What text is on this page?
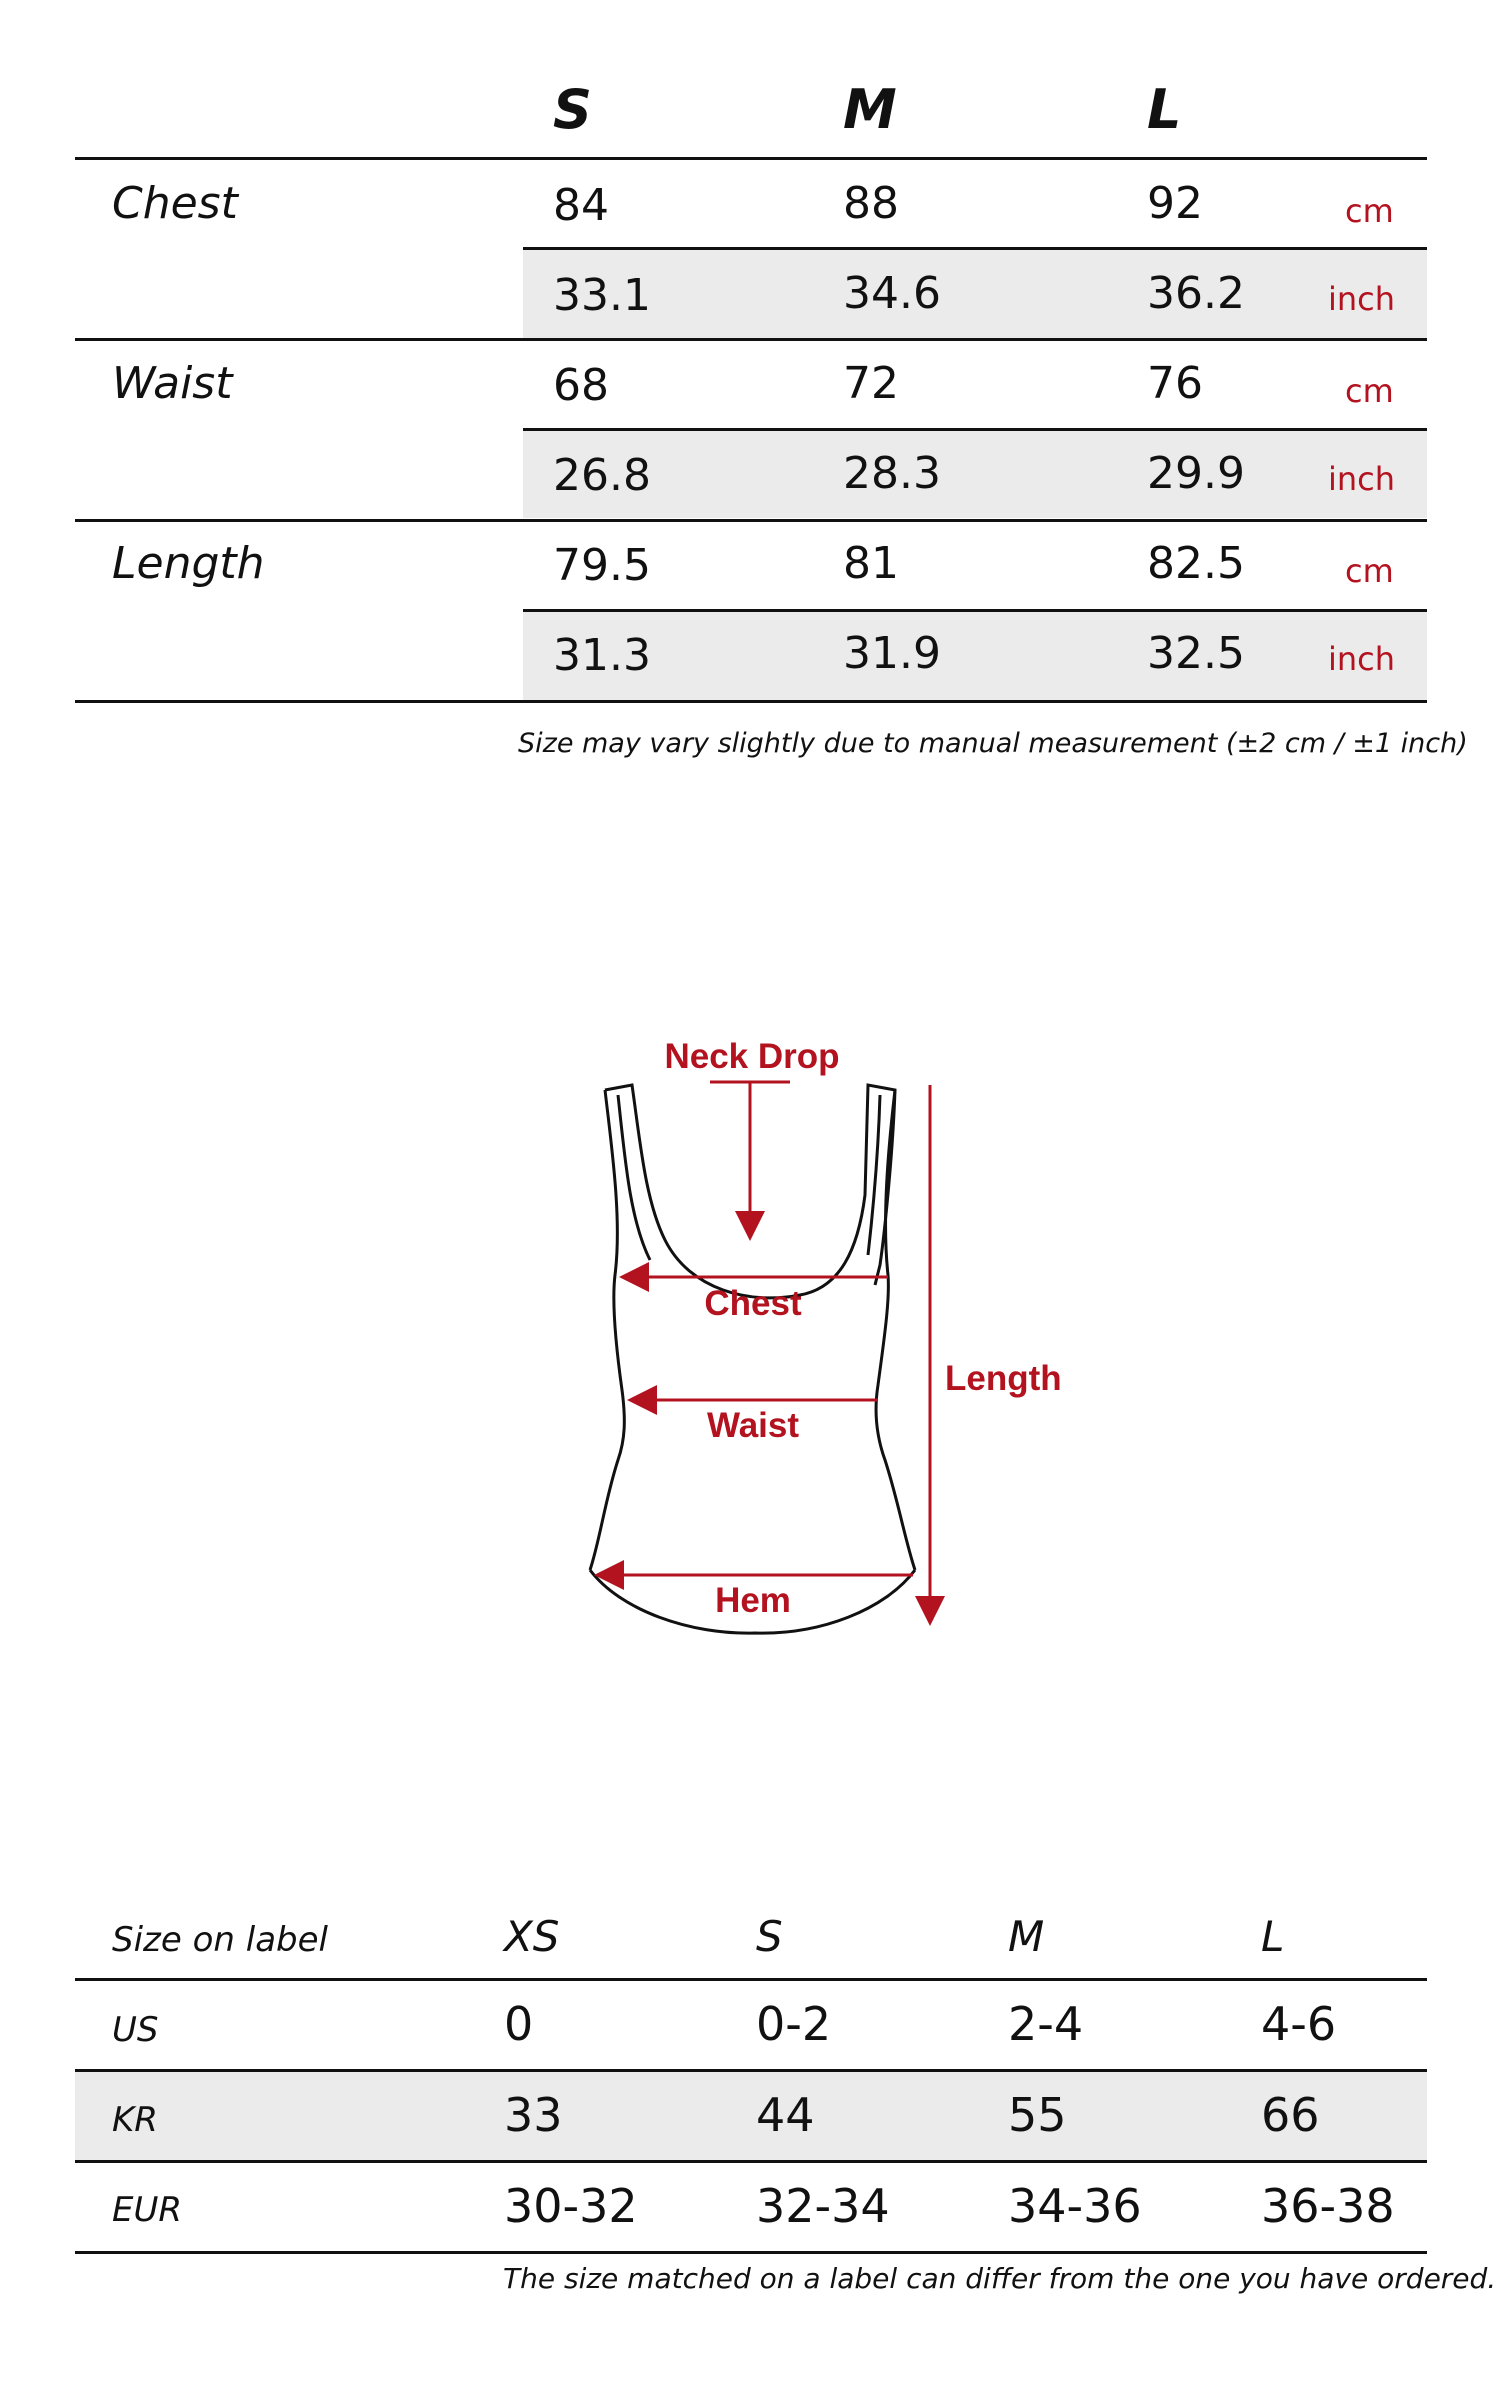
S	M	L
Chest	84	88	92	cm
33.1	34.6	36.2	inch
Waist	68	72	76	cm
26.8	28.3	29.9	inch
Length	79.5	81	82.5	cm
31.3	31.9	32.5	inch
Size may vary slightly due to manual measurement (±2 cm / ±1 inch)
Neck Drop
Chest
Waist
Hem
Length
Size on label	XS	S	M	L
US	0	0-2	2-4	4-6
KR	33	44	55	66
EUR	30-32	32-34	34-36	36-38
The size matched on a label can differ from the one you have ordered.
